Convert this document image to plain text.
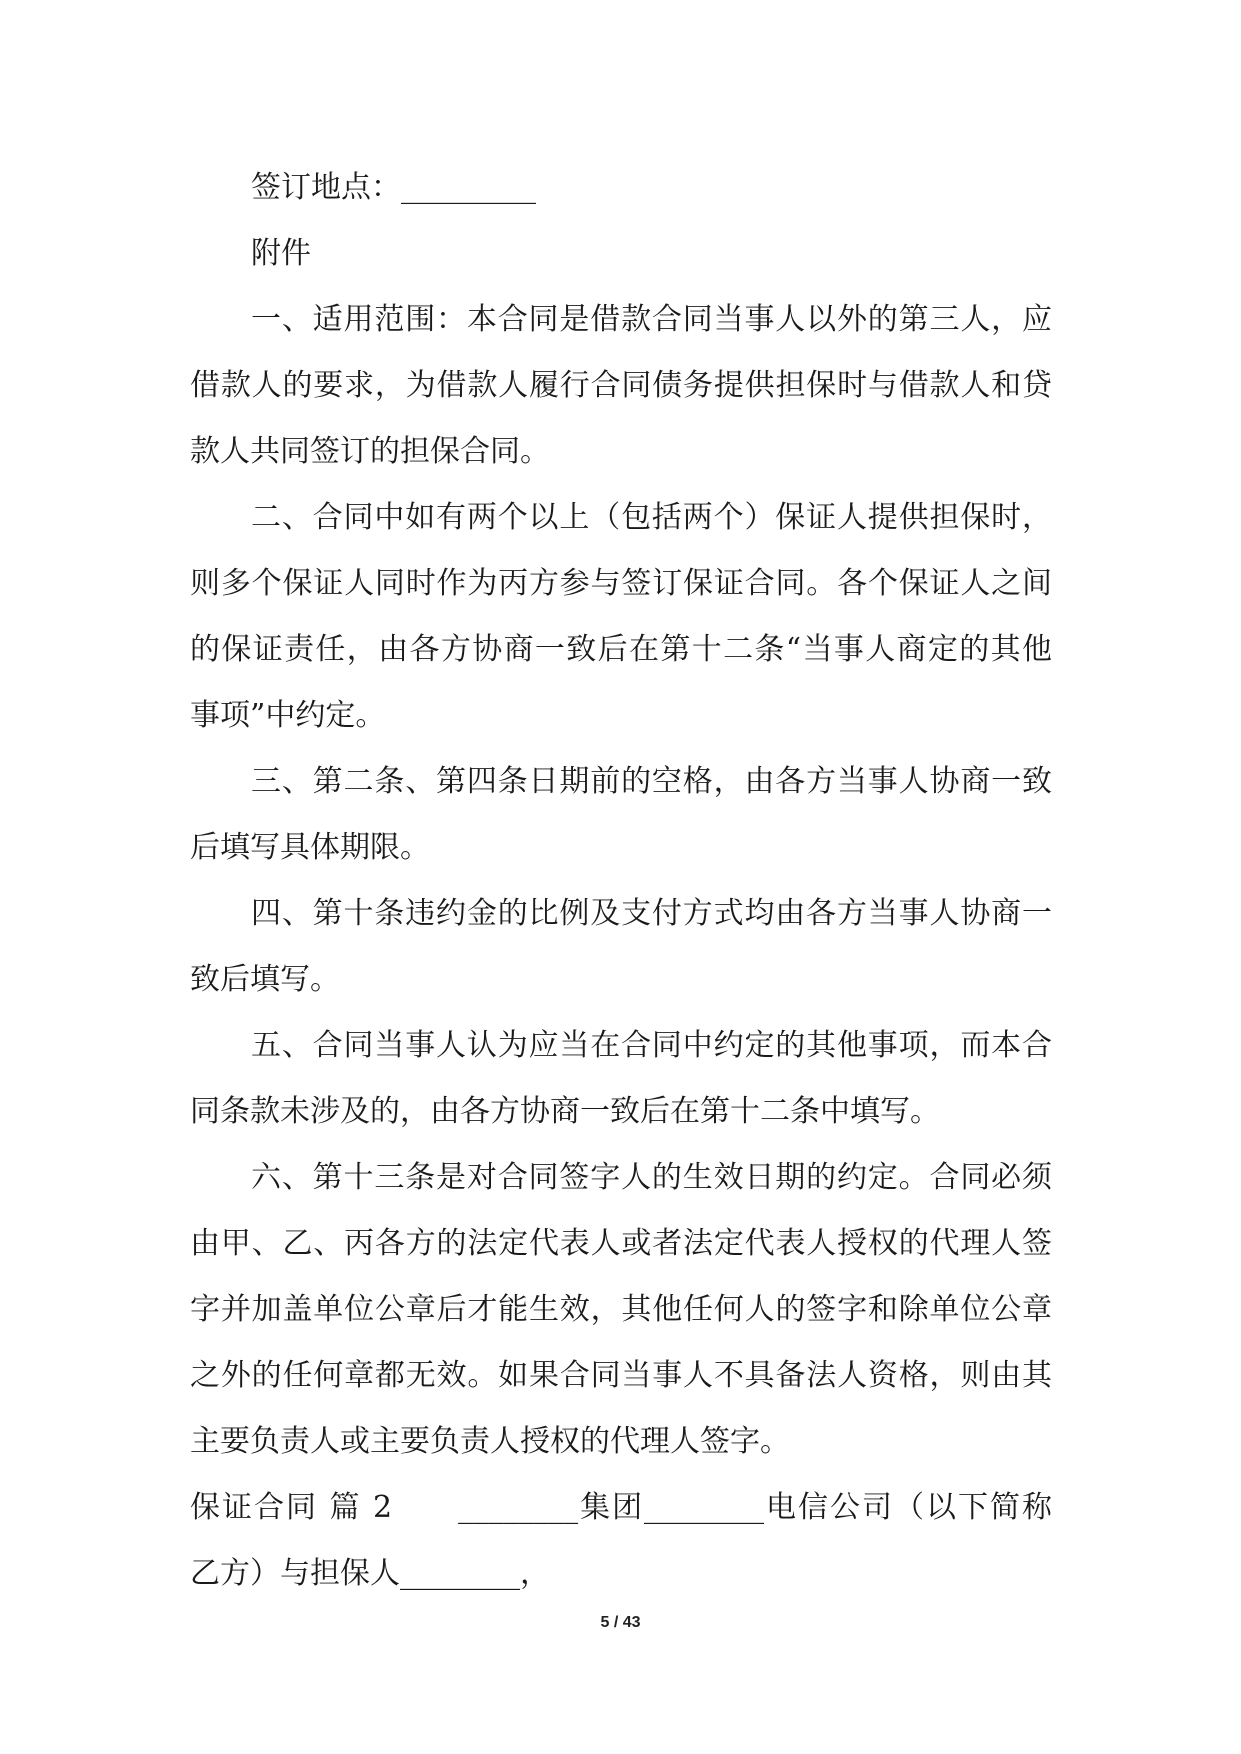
签订地点：_________
附件
一、适用范围：本合同是借款合同当事人以外的第三人，应
借款人的要求，为借款人履行合同债务提供担保时与借款人和贷
款人共同签订的担保合同。
二、合同中如有两个以上（包括两个）保证人提供担保时，
则多个保证人同时作为丙方参与签订保证合同。各个保证人之间
的保证责任，由各方协商一致后在第十二条“当事人商定的其他
事项”中约定。
三、第二条、第四条日期前的空格，由各方当事人协商一致
后填写具体期限。
四、第十条违约金的比例及支付方式均由各方当事人协商一
致后填写。
五、合同当事人认为应当在合同中约定的其他事项，而本合
同条款未涉及的，由各方协商一致后在第十二条中填写。
六、第十三条是对合同签字人的生效日期的约定。合同必须
由甲、乙、丙各方的法定代表人或者法定代表人授权的代理人签
字并加盖单位公章后才能生效，其他任何人的签字和除单位公章
之外的任何章都无效。如果合同当事人不具备法人资格，则由其
主要负责人或主要负责人授权的代理人签字。
保证合同 篇 2　　________集团________电信公司（以下简称
乙方）与担保人________，
5 / 43
